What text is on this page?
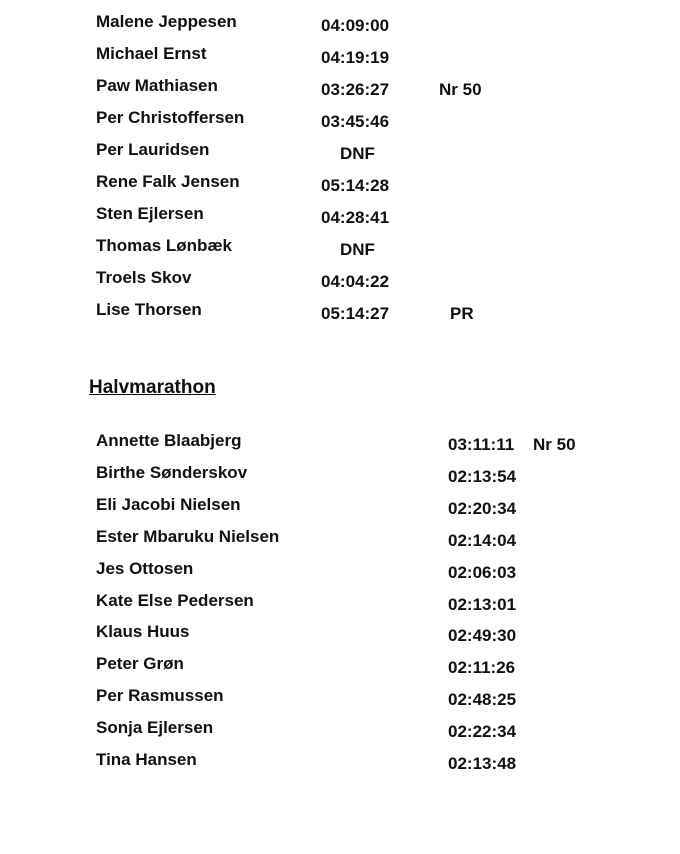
Malene Jeppesen	04:09:00
Michael Ernst	04:19:19
Paw Mathiasen	03:26:27	Nr 50
Per Christoffersen	03:45:46
Per Lauridsen	DNF
Rene Falk Jensen	05:14:28
Sten Ejlersen	04:28:41
Thomas Lønbæk	DNF
Troels Skov	04:04:22
Lise Thorsen	05:14:27	PR
Halvmarathon
Annette Blaabjerg	03:11:11 Nr 50
Birthe Sønderskov	02:13:54
Eli Jacobi Nielsen	02:20:34
Ester Mbaruku Nielsen	02:14:04
Jes Ottosen	02:06:03
Kate Else Pedersen	02:13:01
Klaus Huus	02:49:30
Peter Grøn	02:11:26
Per Rasmussen	02:48:25
Sonja Ejlersen	02:22:34
Tina Hansen	02:13:48
